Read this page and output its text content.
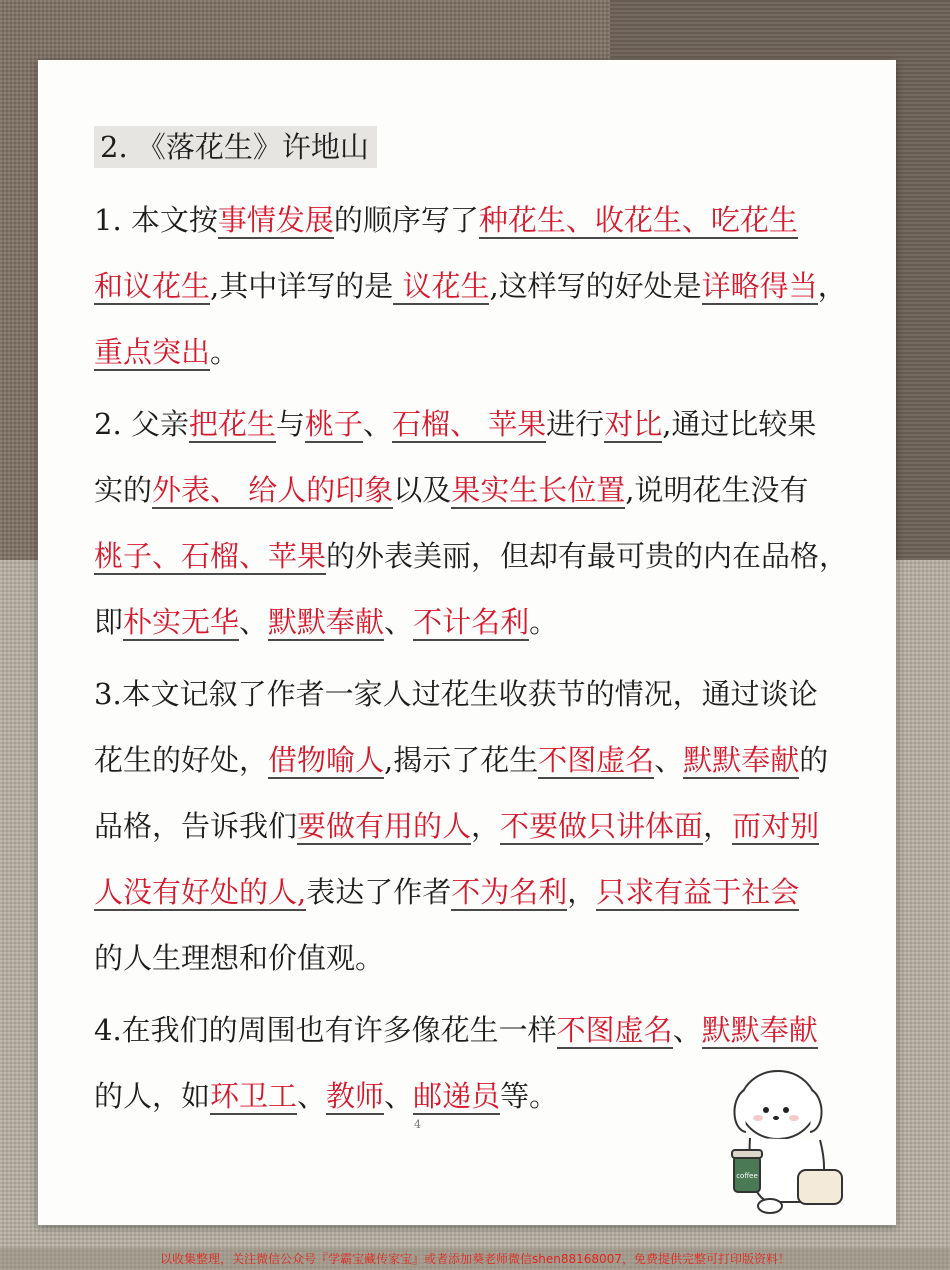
2. 《落花生》许地山
1. 本文按事情发展的顺序写了种花生、收花生、吃花生
和议花生,其中详写的是 议花生,这样写的好处是详略得当，
重点突出。
2. 父亲把花生与桃子、石榴、 苹果进行对比,通过比较果
实的外表、 给人的印象以及果实生长位置,说明花生没有
桃子、石榴、苹果的外表美丽，但却有最可贵的内在品格，
即朴实无华、默默奉献、不计名利。
3.本文记叙了作者一家人过花生收获节的情况，通过谈论
花生的好处，借物喻人,揭示了花生不图虚名、默默奉献的
品格，告诉我们要做有用的人，不要做只讲体面，而对别
人没有好处的人,表达了作者不为名利，只求有益于社会
的人生理想和价值观。
4.在我们的周围也有许多像花生一样不图虚名、默默奉献
的人，如环卫工、教师、邮递员等。
4
coffee
以收集整理，关注微信公众号『学霸宝藏传家宝』或者添加葵老师微信shen88168007，免费提供完整可打印版资料！
